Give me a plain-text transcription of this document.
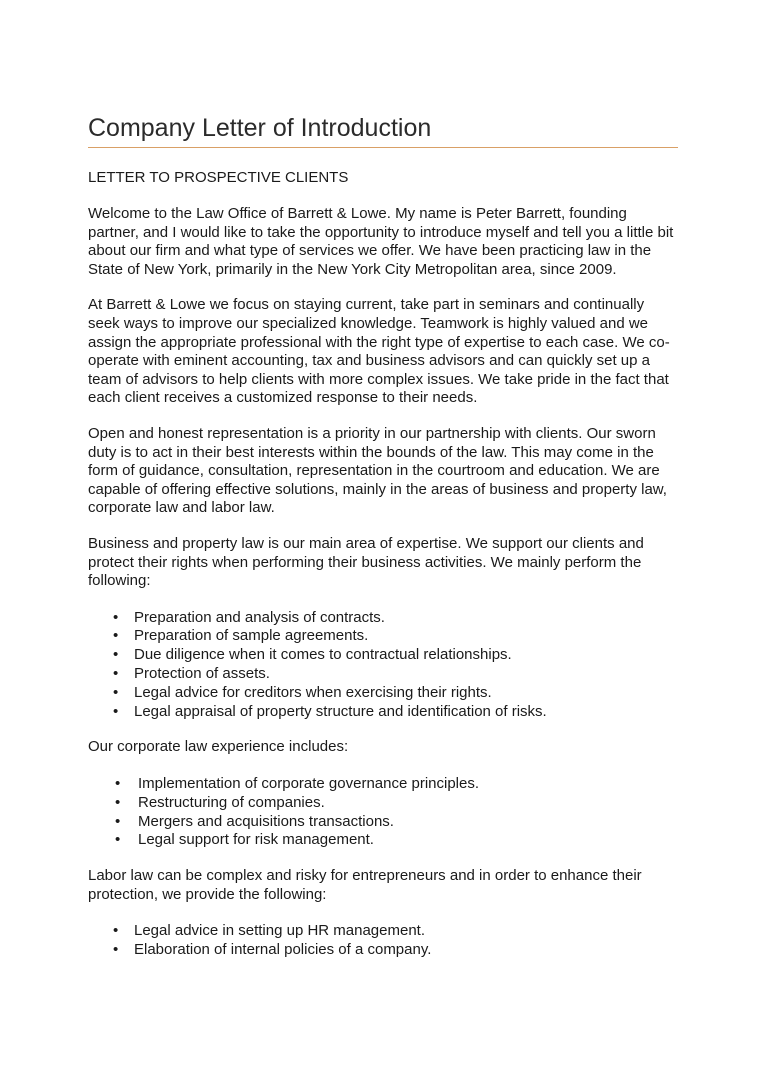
Company Letter of Introduction
LETTER TO PROSPECTIVE CLIENTS

Welcome to the Law Office of Barrett & Lowe. My name is Peter Barrett, founding partner, and I would like to take the opportunity to introduce myself and tell you a little bit about our firm and what type of services we offer. We have been practicing law in the State of New York, primarily in the New York City Metropolitan area, since 2009.

At Barrett & Lowe we focus on staying current, take part in seminars and continually seek ways to improve our specialized knowledge. Teamwork is highly valued and we assign the appropriate professional with the right type of expertise to each case. We co-operate with eminent accounting, tax and business advisors and can quickly set up a team of advisors to help clients with more complex issues. We take pride in the fact that each client receives a customized response to their needs.

Open and honest representation is a priority in our partnership with clients. Our sworn duty is to act in their best interests within the bounds of the law. This may come in the form of guidance, consultation, representation in the courtroom and education. We are capable of offering effective solutions, mainly in the areas of business and property law, corporate law and labor law.

Business and property law is our main area of expertise. We support our clients and protect their rights when performing their business activities. We mainly perform the following:

• Preparation and analysis of contracts.
• Preparation of sample agreements.
• Due diligence when it comes to contractual relationships.
• Protection of assets.
• Legal advice for creditors when exercising their rights.
• Legal appraisal of property structure and identification of risks.

Our corporate law experience includes:

• Implementation of corporate governance principles.
• Restructuring of companies.
• Mergers and acquisitions transactions.
• Legal support for risk management.

Labor law can be complex and risky for entrepreneurs and in order to enhance their protection, we provide the following:

• Legal advice in setting up HR management.
• Elaboration of internal policies of a company.
